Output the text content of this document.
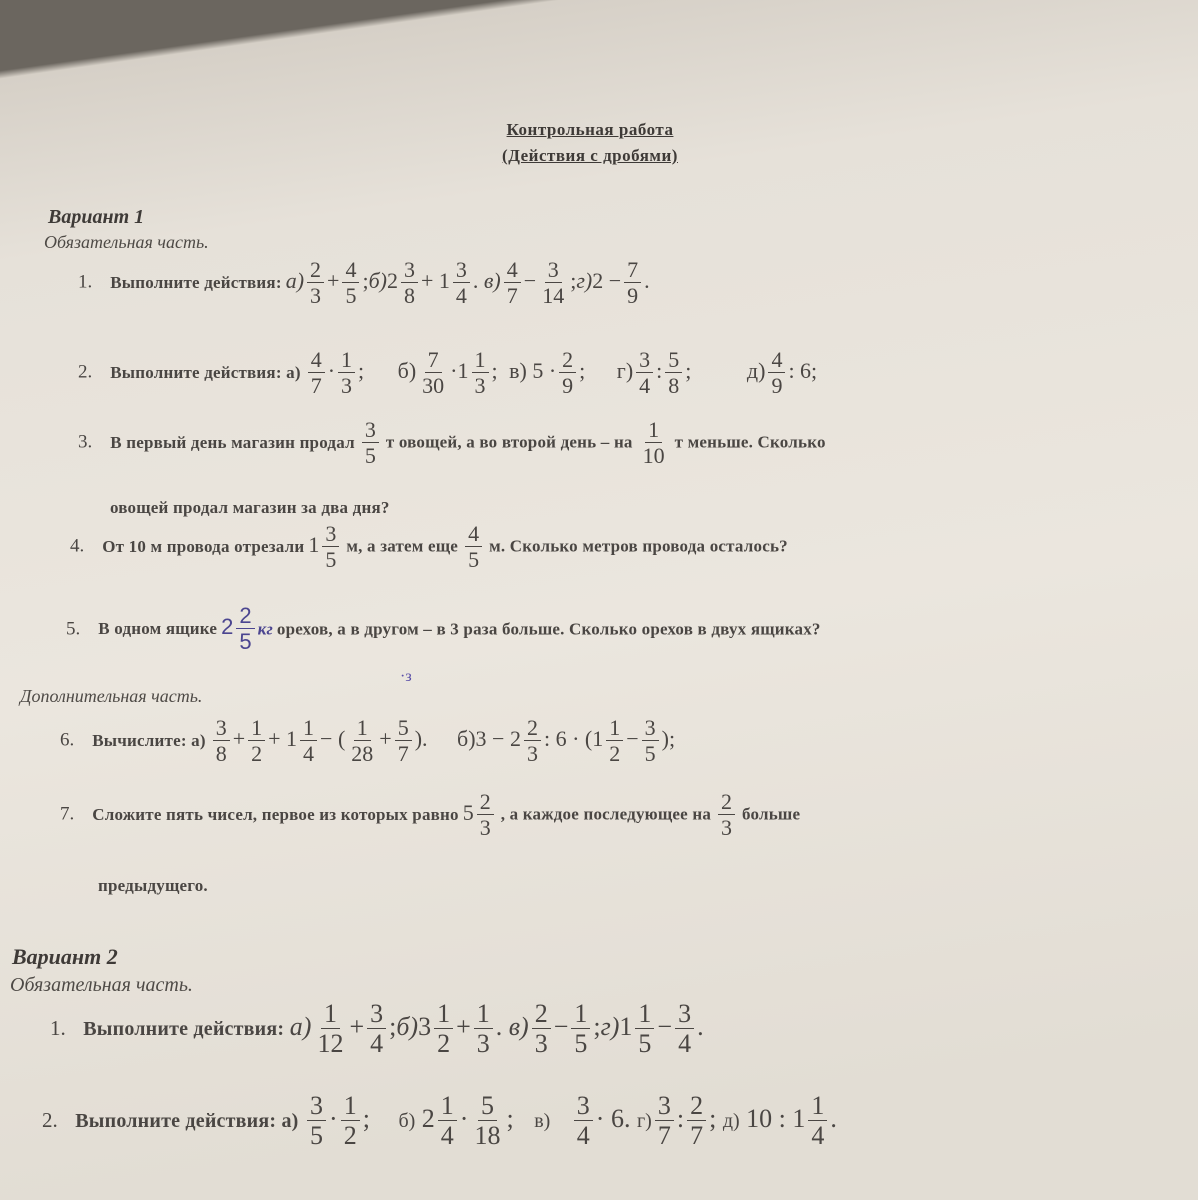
Контрольная работа
(Действия с дробями)
Вариант 1
Обязательная часть.
1. Выполните действия: $а) \frac{2}{3} + \frac{4}{5}$ ;б)2 $\frac{3}{8} + 1 \frac{3}{4}$ . $в) \frac{4}{7} - \frac{3}{14}$ ;г)2 − $\frac{7}{9}$ .
2. Выполните действия: $а) \frac{4}{7} \cdot \frac{1}{3}$ ; $б) \frac{7}{30} \cdot 1 \frac{1}{3}$ ; в) $5 \cdot \frac{2}{9}$ ; $г) \frac{3}{4}$ : $\frac{5}{8}$ ; $д) \frac{4}{9}$ : 6;
3. В первый день магазин продал $\frac{3}{5}$ т овощей, а во второй день – на $\frac{1}{10}$ т меньше. Сколько
овощей продал магазин за два дня?
4. От 10 м провода отрезали $1 \frac{3}{5} м$, а затем еще $\frac{4}{5} м$. Сколько метров провода осталось?
5. В одном ящике $2 \frac{2}{5}$ кг орехов, а в другом – в 3 раза больше. Сколько орехов в двух ящиках?
·з
Дополнительная часть.
6. Вычислите: $а) \frac{3}{8} + \frac{1}{2} + 1 \frac{1}{4}$ − ( $\frac{1}{28} + \frac{5}{7}$ ). $б)3 - 2 \frac{2}{3}$ : $6 \cdot (1 \frac{1}{2} - \frac{3}{5}$ );
7. Сложите пять чисел, первое из которых равно $5 \frac{2}{3}$ , а каждое последующее на $\frac{2}{3}$ больше
предыдущего.
Вариант 2
Обязательная часть.
1. Выполните действия: $а) \frac{1}{12} + \frac{3}{4}$ ;б)3 $\frac{1}{2} + \frac{1}{3}$ . $в) \frac{2}{3} - \frac{1}{5}$ ;г)1 $\frac{1}{5} - \frac{3}{4}$ .
2. Выполните действия: $а) \frac{3}{5} \cdot \frac{1}{2}$ ; б) $2 \frac{1}{4} \cdot \frac{5}{18}$ ; $в) \frac{3}{4} \cdot 6$. $г) \frac{3}{7}$ : $\frac{2}{7}$ ; д) 10 : $1 \frac{1}{4}$ .
